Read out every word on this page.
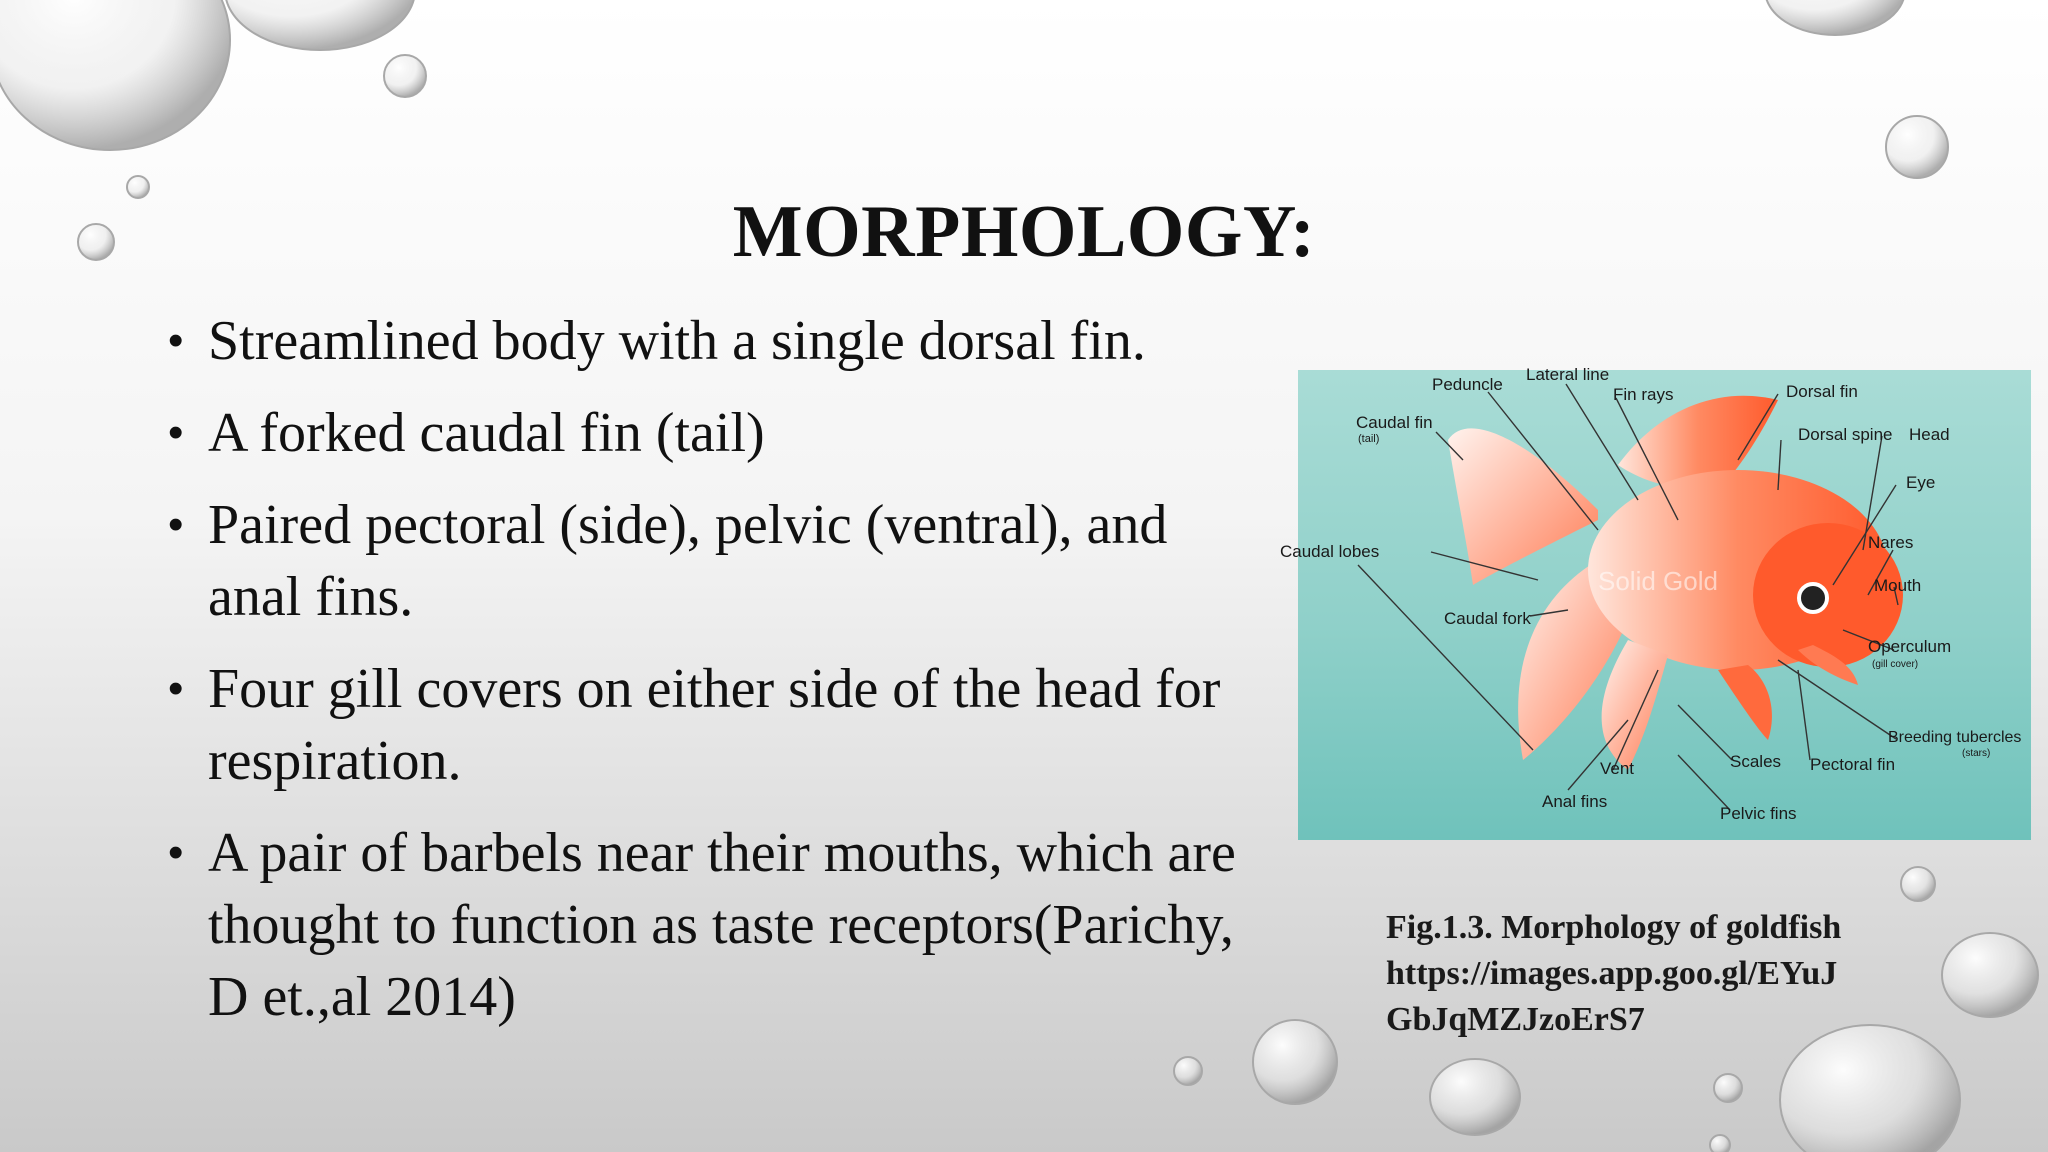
MORPHOLOGY:
• Streamlined body with a single dorsal fin.
• A forked caudal fin (tail)
• Paired pectoral (side), pelvic (ventral), and anal fins.
• Four gill covers on either side of the head for respiration.
• A pair of barbels near their mouths, which are thought to function as taste receptors(Parichy, D et.,al 2014)
Solid Gold
Peduncle
Lateral line
Fin rays	Dorsal fin
Caudal fin
(tail)	Dorsal spine Head
Eye
Caudal lobes	Nares
Mouth
Caudal fork
Operculum
(gill cover)
Breeding tubercles
(stars)
Scales
Vent	Pectoral fin
Anal fins
Pelvic fins
Fig.1.3. Morphology of goldfish
https://images.app.goo.gl/EYuJ
GbJqMZJzoErS7
